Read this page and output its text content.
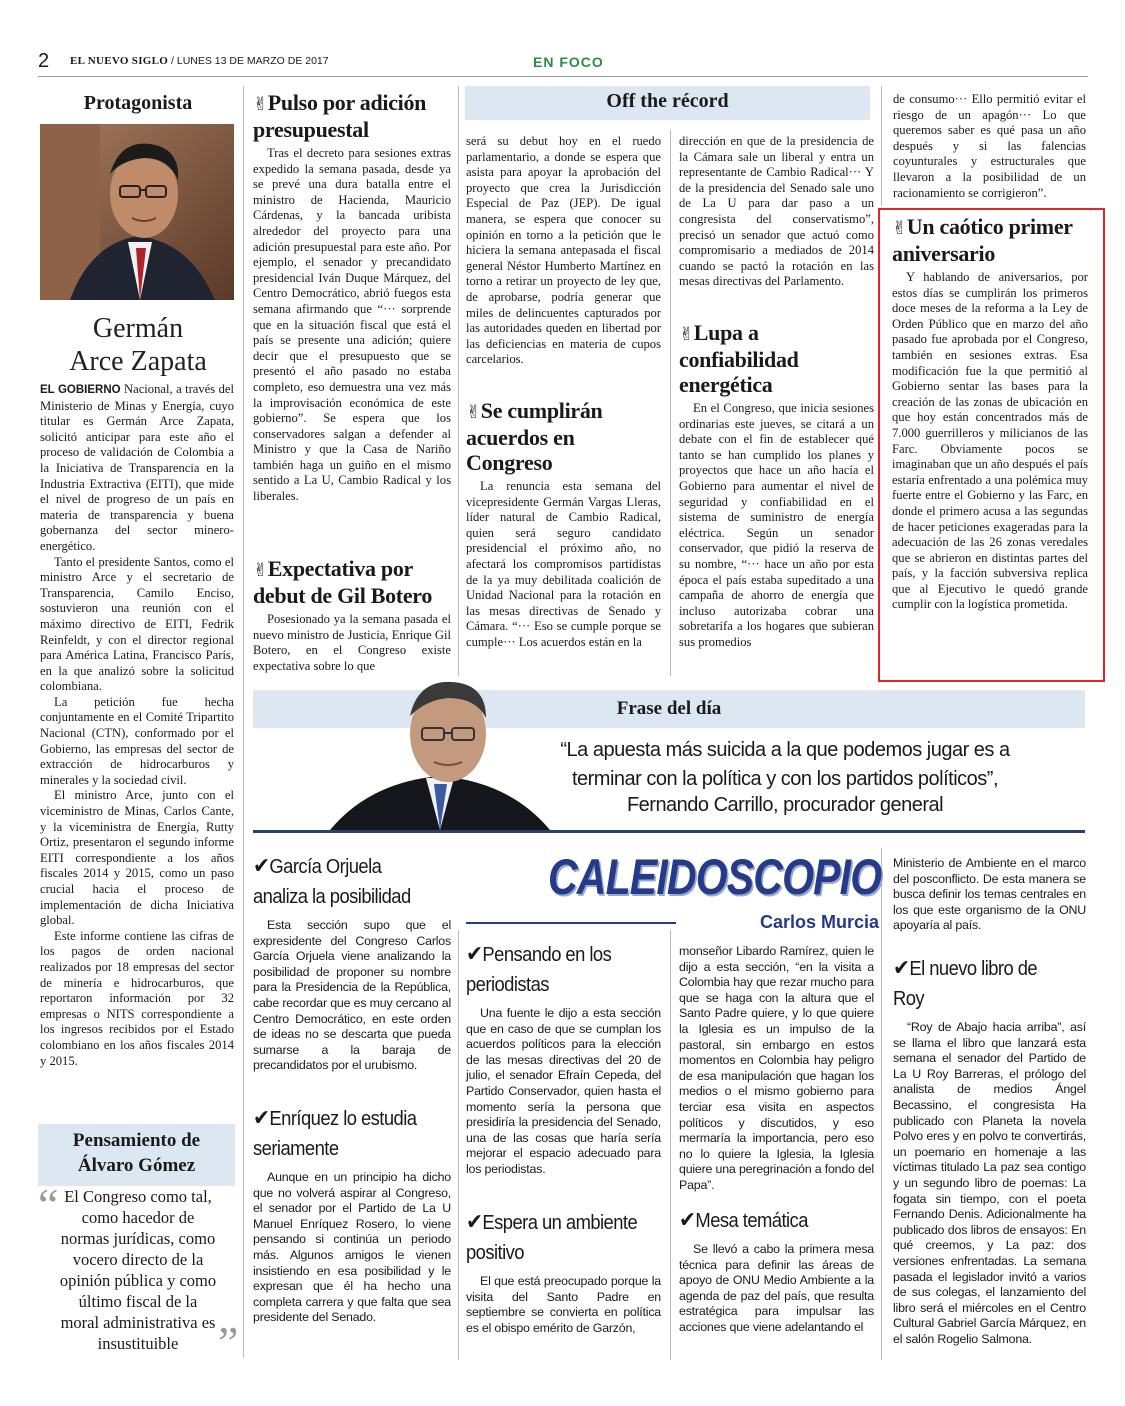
2 EL NUEVO SIGLO / LUNES 13 DE MARZO DE 2017	EN FOCO
Protagonista
Germán
Arce Zapata

EL GOBIERNO Nacional, a través del Ministerio de Minas y Energía, cuyo titular es Germán Arce Zapata, solicitó anticipar para este año el proceso de validación de Colombia a la Iniciativa de Transparencia en la Industria Extractiva (EITI), que mide el nivel de progreso de un país en materia de transparencia y buena gobernanza del sector minero-energético.

Tanto el presidente Santos, como el ministro Arce y el secretario de Transparencia, Camilo Enciso, sostuvieron una reunión con el máximo directivo de EITI, Fedrik Reinfeldt, y con el director regional para América Latina, Francisco París, en la que analizó sobre la solicitud colombiana.

La petición fue hecha conjuntamente en el Comité Tripartito Nacional (CTN), conformado por el Gobierno, las empresas del sector de extracción de hidrocarburos y minerales y la sociedad civil.

El ministro Arce, junto con el viceministro de Minas, Carlos Cante, y la viceministra de Energía, Rutty Ortiz, presentaron el segundo informe EITI correspondiente a los años fiscales 2014 y 2015, como un paso crucial hacia el proceso de implementación de dicha Iniciativa global.

Este informe contiene las cifras de los pagos de orden nacional realizados por 18 empresas del sector de minería e hidrocarburos, que reportaron información por 32 empresas o NITS correspondiente a los ingresos recibidos por el Estado colombiano en los años fiscales 2014 y 2015.

Pensamiento de
Álvaro Gómez
“ El Congreso como tal, como hacedor de normas jurídicas, como vocero directo de la opinión pública y como último fiscal de la moral administrativa es insustituible ”
✌Pulso por adición presupuestal

Tras el decreto para sesiones extras expedido la semana pasada, desde ya se prevé una dura batalla entre el ministro de Hacienda, Mauricio Cárdenas, y la bancada uribista alrededor del proyecto para una adición presupuestal para este año. Por ejemplo, el senador y precandidato presidencial Iván Duque Márquez, del Centro Democrático, abrió fuegos esta semana afirmando que “··· sorprende que en la situación fiscal que está el país se presente una adición; quiere decir que el presupuesto que se presentó el año pasado no estaba completo, eso demuestra una vez más la improvisación económica de este gobierno”. Se espera que los conservadores salgan a defender al Ministro y que la Casa de Nariño también haga un guiño en el mismo sentido a La U, Cambio Radical y los liberales.

✌Expectativa por debut de Gil Botero

Posesionado ya la semana pasada el nuevo ministro de Justicia, Enrique Gil Botero, en el Congreso existe expectativa sobre lo que

Off the récord
será su debut hoy en el ruedo parlamentario, a donde se espera que asista para apoyar la aprobación del proyecto que crea la Jurisdicción Especial de Paz (JEP). De igual manera, se espera que conocer su opinión en torno a la petición que le hiciera la semana antepasada el fiscal general Néstor Humberto Martínez en torno a retirar un proyecto de ley que, de aprobarse, podría generar que miles de delincuentes capturados por las autoridades queden en libertad por las deficiencias en materia de cupos carcelarios.
✌Se cumplirán acuerdos en Congreso

La renuncia esta semana del vicepresidente Germán Vargas Lleras, líder natural de Cambio Radical, quien será seguro candidato presidencial el próximo año, no afectará los compromisos partidistas de la ya muy debilitada coalición de Unidad Nacional para la rotación en las mesas directivas de Senado y Cámara. “··· Eso se cumple porque se cumple··· Los acuerdos están en la

dirección en que de la presidencia de la Cámara sale un liberal y entra un representante de Cambio Radical··· Y de la presidencia del Senado sale uno de La U para dar paso a un congresista del conservatismo”, precisó un senador que actuó como compromisario a mediados de 2014 cuando se pactó la rotación en las mesas directivas del Parlamento.
✌Lupa a confiabilidad energética

En el Congreso, que inicia sesiones ordinarias este jueves, se citará a un debate con el fin de establecer qué tanto se han cumplido los planes y proyectos que hace un año hacía el Gobierno para aumentar el nivel de seguridad y confiabilidad en el sistema de suministro de energía eléctrica. Según un senador conservador, que pidió la reserva de su nombre, “··· hace un año por esta época el país estaba supeditado a una campaña de ahorro de energía que incluso autorizaba cobrar una sobretarifa a los hogares que subieran sus promedios

de consumo··· Ello permitió evitar el riesgo de un apagón··· Lo que queremos saber es qué pasa un año después y si las falencias coyunturales y estructurales que llevaron a la posibilidad de un racionamiento se corrigieron”.
✌Un caótico primer aniversario

Y hablando de aniversarios, por estos días se cumplirán los primeros doce meses de la reforma a la Ley de Orden Público que en marzo del año pasado fue aprobada por el Congreso, también en sesiones extras. Esa modificación fue la que permitió al Gobierno sentar las bases para la creación de las zonas de ubicación en que hoy están concentrados más de 7.000 guerrilleros y milicianos de las Farc. Obviamente pocos se imaginaban que un año después el país estaría enfrentado a una polémica muy fuerte entre el Gobierno y las Farc, en donde el primero acusa a las segundas de hacer peticiones exageradas para la adecuación de las 26 zonas veredales que se abrieron en distintas partes del país, y la facción subversiva replica que al Ejecutivo le quedó grande cumplir con la logística prometida.

Frase del día
“La apuesta más suicida a la que podemos jugar es a terminar con la política y con los partidos políticos”,
Fernando Carrillo, procurador general
CALEIDOSCOPIO
Carlos Murcia
✔García Orjuela analiza la posibilidad

Esta sección supo que el expresidente del Congreso Carlos García Orjuela viene analizando la posibilidad de proponer su nombre para la Presidencia de la República, cabe recordar que es muy cercano al Centro Democrático, en este orden de ideas no se descarta que pueda sumarse a la baraja de precandidatos por el urubismo.

✔Enríquez lo estudia seriamente

Aunque en un principio ha dicho que no volverá aspirar al Congreso, el senador por el Partido de La U Manuel Enríquez Rosero, lo viene pensando si continúa un periodo más. Algunos amigos le vienen insistiendo en esa posibilidad y le expresan que él ha hecho una completa carrera y que falta que sea presidente del Senado.

✔Pensando en los periodistas

Una fuente le dijo a esta sección que en caso de que se cumplan los acuerdos políticos para la elección de las mesas directivas del 20 de julio, el senador Efraín Cepeda, del Partido Conservador, quien hasta el momento sería la persona que presidiría la presidencia del Senado, una de las cosas que haría sería mejorar el espacio adecuado para los periodistas.

✔Espera un ambiente positivo

El que está preocupado porque la visita del Santo Padre en septiembre se convierta en política es el obispo emérito de Garzón,

monseñor Libardo Ramírez, quien le dijo a esta sección, “en la visita a Colombia hay que rezar mucho para que se haga con la altura que el Santo Padre quiere, y lo que quiere la Iglesia es un impulso de la pastoral, sin embargo en estos momentos en Colombia hay peligro de esa manipulación que hagan los medios o el mismo gobierno para terciar esa visita en aspectos políticos y discutidos, y eso mermaría la importancia, pero eso no lo quiere la Iglesia, la Iglesia quiere una peregrinación a fondo del Papa”.
✔Mesa temática

Se llevó a cabo la primera mesa técnica para definir las áreas de apoyo de ONU Medio Ambiente a la agenda de paz del país, que resulta estratégica para impulsar las acciones que viene adelantando el

Ministerio de Ambiente en el marco del posconflicto. De esta manera se busca definir los temas centrales en los que este organismo de la ONU apoyaría al país.
✔El nuevo libro de Roy

“Roy de Abajo hacia arriba”, así se llama el libro que lanzará esta semana el senador del Partido de La U Roy Barreras, el prólogo del analista de medios Ángel Becassino, el congresista Ha publicado con Planeta la novela Polvo eres y en polvo te convertirás, un poemario en homenaje a las víctimas titulado La paz sea contigo y un segundo libro de poemas: La fogata sin tiempo, con el poeta Fernando Denis. Adicionalmente ha publicado dos libros de ensayos: En qué creemos, y La paz: dos versiones enfrentadas. La semana pasada el legislador invitó a varios de sus colegas, el lanzamiento del libro será el miércoles en el Centro Cultural Gabriel García Márquez, en el salón Rogelio Salmona.
